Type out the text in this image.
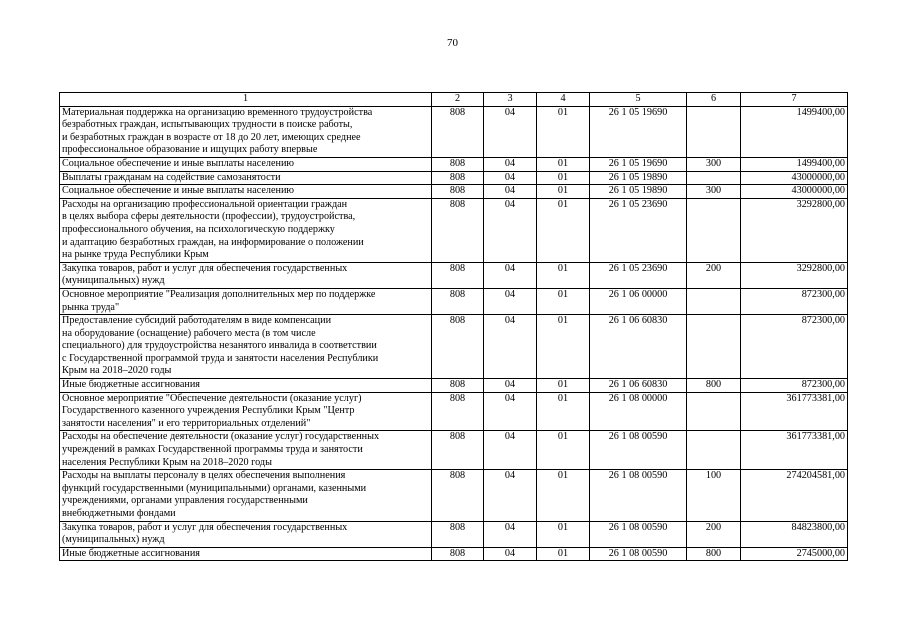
70
1	2	3	4	5	6	7
Материальная поддержка на организацию временного трудоустройства
безработных граждан, испытывающих трудности в поиске работы,
и безработных граждан в возрасте от 18 до 20 лет, имеющих среднее
профессиональное образование и ищущих работу впервые	808	04	01	26 1 05 19690		1499400,00
Социальное обеспечение и иные выплаты населению	808	04	01	26 1 05 19690	300	1499400,00
Выплаты гражданам на содействие самозанятости	808	04	01	26 1 05 19890		43000000,00
Социальное обеспечение и иные выплаты населению	808	04	01	26 1 05 19890	300	43000000,00
Расходы на организацию профессиональной ориентации граждан
в целях выбора сферы деятельности (профессии), трудоустройства,
профессионального обучения, на психологическую поддержку
и адаптацию безработных граждан, на информирование о положении
на рынке труда Республики Крым	808	04	01	26 1 05 23690		3292800,00
Закупка товаров, работ и услуг для обеспечения государственных
(муниципальных) нужд	808	04	01	26 1 05 23690	200	3292800,00
Основное мероприятие "Реализация дополнительных мер по поддержке
рынка труда"	808	04	01	26 1 06 00000		872300,00
Предоставление субсидий работодателям в виде компенсации
на оборудование (оснащение) рабочего места (в том числе
специального) для трудоустройства незанятого инвалида в соответствии
с Государственной программой труда и занятости населения Республики
Крым на 2018–2020 годы	808	04	01	26 1 06 60830		872300,00
Иные бюджетные ассигнования	808	04	01	26 1 06 60830	800	872300,00
Основное мероприятие "Обеспечение деятельности (оказание услуг)
Государственного казенного учреждения Республики Крым "Центр
занятости населения" и его территориальных отделений"	808	04	01	26 1 08 00000		361773381,00
Расходы на обеспечение деятельности (оказание услуг) государственных
учреждений в рамках Государственной программы труда и занятости
населения Республики Крым на 2018–2020 годы	808	04	01	26 1 08 00590		361773381,00
Расходы на выплаты персоналу в целях обеспечения выполнения
функций государственными (муниципальными) органами, казенными
учреждениями, органами управления государственными
внебюджетными фондами	808	04	01	26 1 08 00590	100	274204581,00
Закупка товаров, работ и услуг для обеспечения государственных
(муниципальных) нужд	808	04	01	26 1 08 00590	200	84823800,00
Иные бюджетные ассигнования	808	04	01	26 1 08 00590	800	2745000,00
